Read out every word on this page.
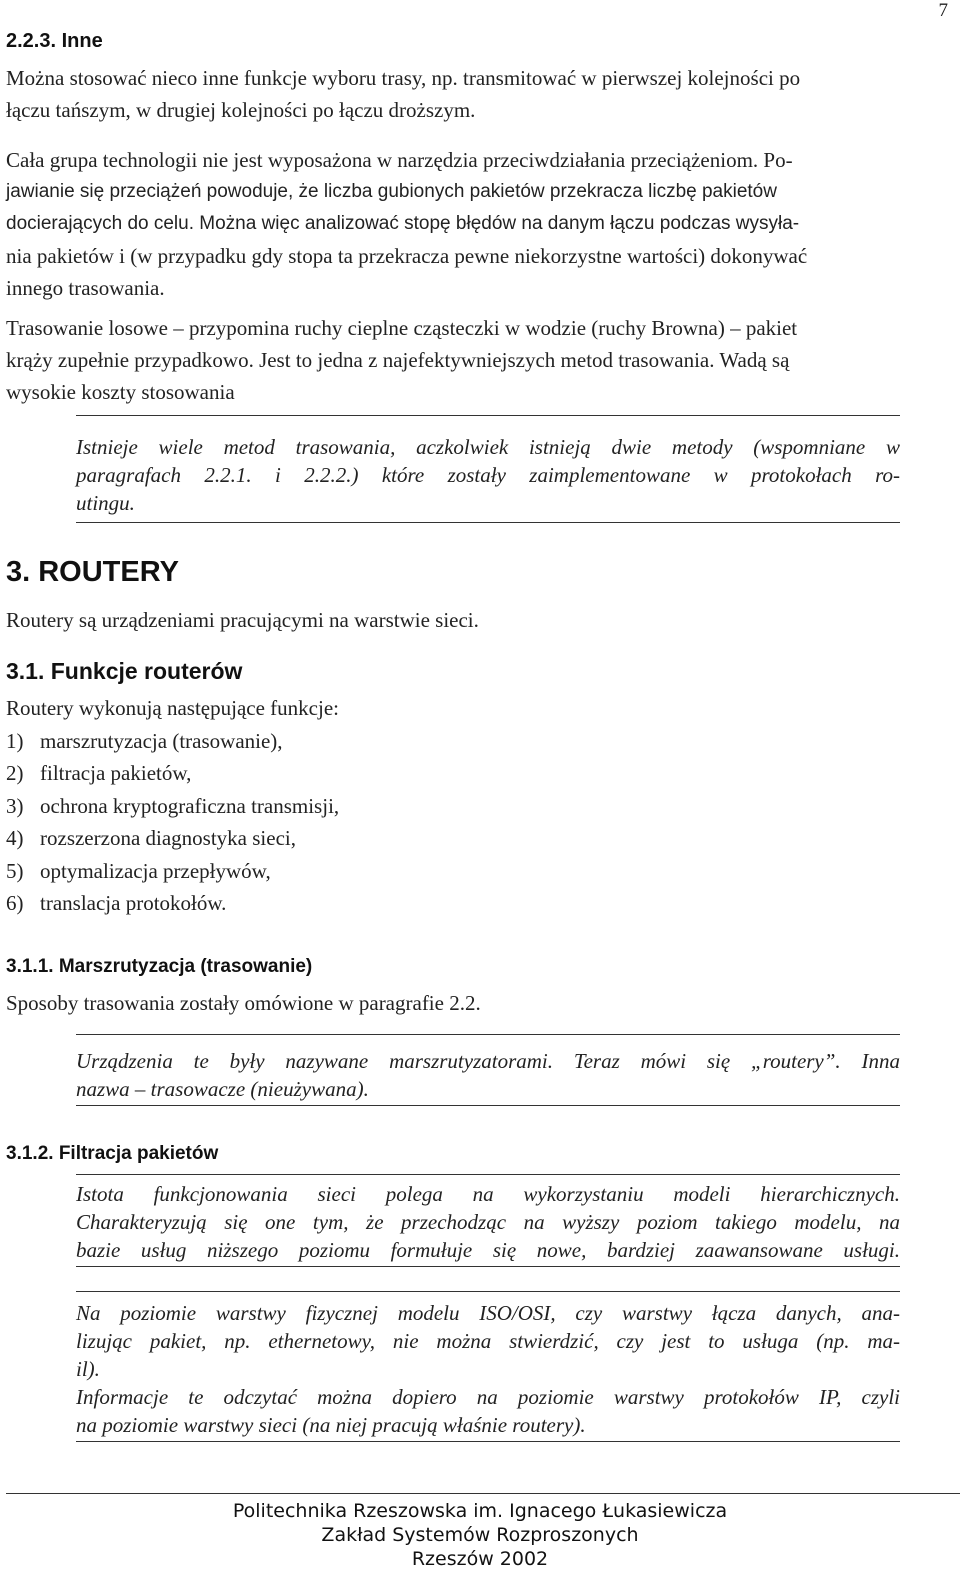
7
2.2.3. Inne
Można stosować nieco inne funkcje wyboru trasy, np. transmitować w pierwszej kolejności po
łączu tańszym, w drugiej kolejności po łączu droższym.
Cała grupa technologii nie jest wyposażona w narzędzia przeciwdziałania przeciążeniom. Po-
jawianie się przeciążeń powoduje, że liczba gubionych pakietów przekracza liczbę pakietów
docierających do celu. Można więc analizować stopę błędów na danym łączu podczas wysyła-
nia pakietów i (w przypadku gdy stopa ta przekracza pewne niekorzystne wartości) dokonywać
innego trasowania.
Trasowanie losowe – przypomina ruchy cieplne cząsteczki w wodzie (ruchy Browna) – pakiet
krąży zupełnie przypadkowo. Jest to jedna z najefektywniejszych metod trasowania. Wadą są
wysokie koszty stosowania
Istnieje wiele metod trasowania, aczkolwiek istnieją dwie metody (wspomniane w
paragrafach 2.2.1. i 2.2.2.) które zostały zaimplementowane w protokołach ro-
utingu.
3. ROUTERY
Routery są urządzeniami pracującymi na warstwie sieci.
3.1. Funkcje routerów
Routery wykonują następujące funkcje:
1) marszrutyzacja (trasowanie),
2) filtracja pakietów,
3) ochrona kryptograficzna transmisji,
4) rozszerzona diagnostyka sieci,
5) optymalizacja przepływów,
6) translacja protokołów.
3.1.1. Marszrutyzacja (trasowanie)
Sposoby trasowania zostały omówione w paragrafie 2.2.
Urządzenia te były nazywane marszrutyzatorami. Teraz mówi się „routery”. Inna
nazwa – trasowacze (nieużywana).
3.1.2. Filtracja pakietów
Istota funkcjonowania sieci polega na wykorzystaniu modeli hierarchicznych.
Charakteryzują się one tym, że przechodząc na wyższy poziom takiego modelu, na
bazie usług niższego poziomu formułuje się nowe, bardziej zaawansowane usługi.
Na poziomie warstwy fizycznej modelu ISO/OSI, czy warstwy łącza danych, ana-
lizując pakiet, np. ethernetowy, nie można stwierdzić, czy jest to usługa (np. ma-
il).
Informacje te odczytać można dopiero na poziomie warstwy protokołów IP, czyli
na poziomie warstwy sieci (na niej pracują właśnie routery).
Politechnika Rzeszowska im. Ignacego Łukasiewicza
Zakład Systemów Rozproszonych
Rzeszów 2002
